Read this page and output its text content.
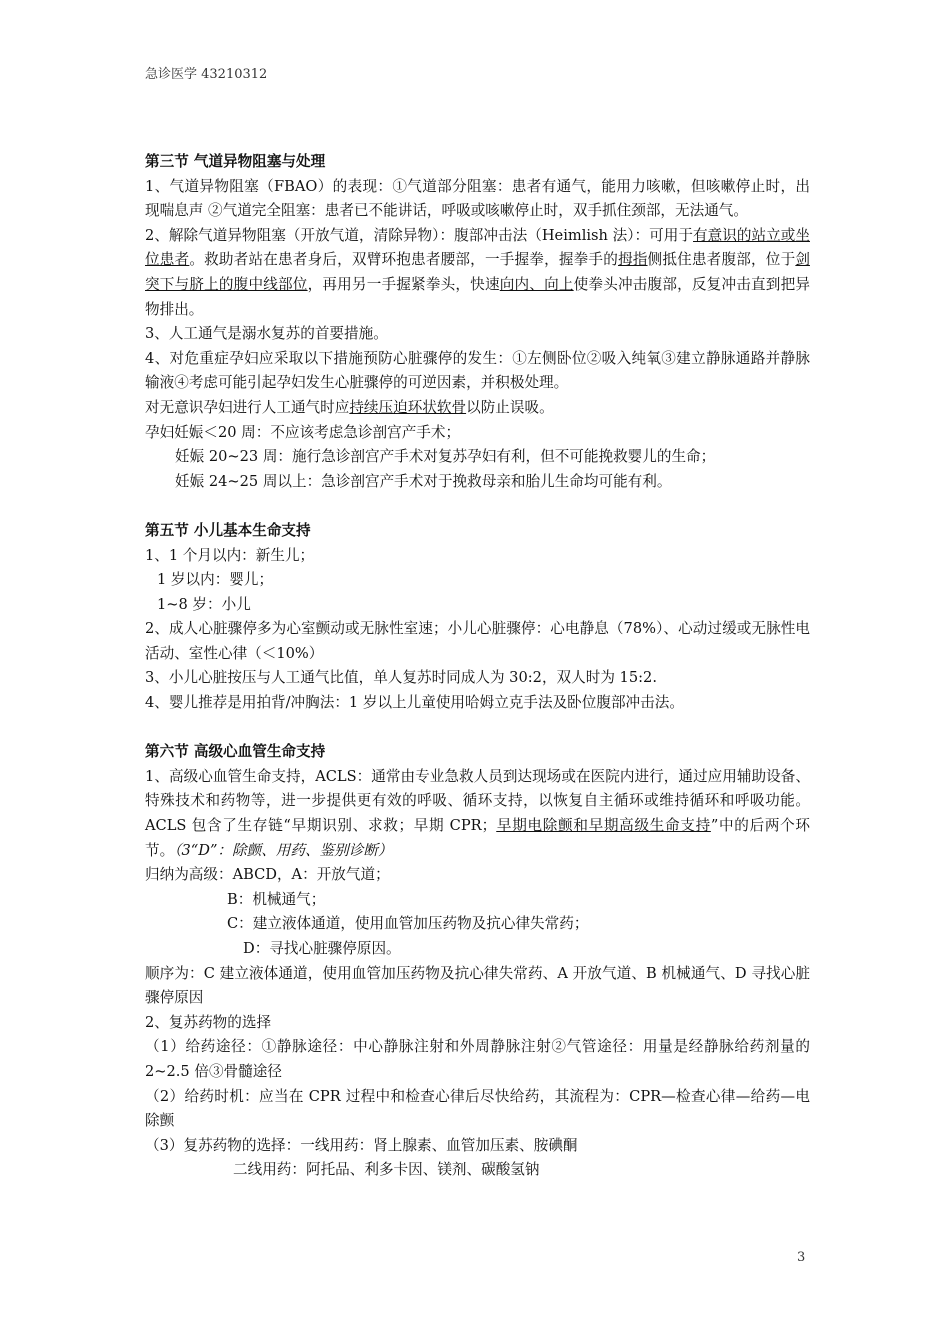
急诊医学 43210312
第三节 气道异物阻塞与处理

1、气道异物阻塞（FBAO）的表现：①气道部分阻塞：患者有通气，能用力咳嗽，但咳嗽停止时，出现喘息声 ②气道完全阻塞：患者已不能讲话，呼吸或咳嗽停止时，双手抓住颈部，无法通气。

2、解除气道异物阻塞（开放气道，清除异物）：腹部冲击法（Heimlish 法）：可用于有意识的站立或坐位患者。救助者站在患者身后，双臂环抱患者腰部，一手握拳，握拳手的拇指侧抵住患者腹部，位于剑突下与脐上的腹中线部位，再用另一手握紧拳头，快速向内、向上使拳头冲击腹部，反复冲击直到把异物排出。

3、人工通气是溺水复苏的首要措施。

4、对危重症孕妇应采取以下措施预防心脏骤停的发生：①左侧卧位②吸入纯氧③建立静脉通路并静脉输液④考虑可能引起孕妇发生心脏骤停的可逆因素，并积极处理。

对无意识孕妇进行人工通气时应持续压迫环状软骨以防止误吸。

孕妇妊娠＜20 周：不应该考虑急诊剖宫产手术；

妊娠 20~23 周：施行急诊剖宫产手术对复苏孕妇有利，但不可能挽救婴儿的生命；

妊娠 24~25 周以上：急诊剖宫产手术对于挽救母亲和胎儿生命均可能有利。

第五节 小儿基本生命支持

1、1 个月以内：新生儿；

1 岁以内：婴儿；

1~8 岁：小儿

2、成人心脏骤停多为心室颤动或无脉性室速；小儿心脏骤停：心电静息（78%）、心动过缓或无脉性电活动、室性心律（＜10%）

3、小儿心脏按压与人工通气比值，单人复苏时同成人为 30:2，双人时为 15:2.

4、婴儿推荐是用拍背/冲胸法：1 岁以上儿童使用哈姆立克手法及卧位腹部冲击法。

第六节 高级心血管生命支持

1、高级心血管生命支持，ACLS：通常由专业急救人员到达现场或在医院内进行，通过应用辅助设备、特殊技术和药物等，进一步提供更有效的呼吸、循环支持，以恢复自主循环或维持循环和呼吸功能。ACLS 包含了生存链“早期识别、求救；早期 CPR；早期电除颤和早期高级生命支持”中的后两个环节。（3“D”：除颤、用药、鉴别诊断）

归纳为高级：ABCD，A：开放气道；

B：机械通气；

C：建立液体通道，使用血管加压药物及抗心律失常药；

D：寻找心脏骤停原因。

顺序为：C 建立液体通道，使用血管加压药物及抗心律失常药、A 开放气道、B 机械通气、D 寻找心脏骤停原因

2、复苏药物的选择

（1）给药途径：①静脉途径：中心静脉注射和外周静脉注射②气管途径：用量是经静脉给药剂量的 2~2.5 倍③骨髓途径

（2）给药时机：应当在 CPR 过程中和检查心律后尽快给药，其流程为：CPR—检查心律—给药—电除颤

（3）复苏药物的选择：一线用药：肾上腺素、血管加压素、胺碘酮

二线用药：阿托品、利多卡因、镁剂、碳酸氢钠

3
